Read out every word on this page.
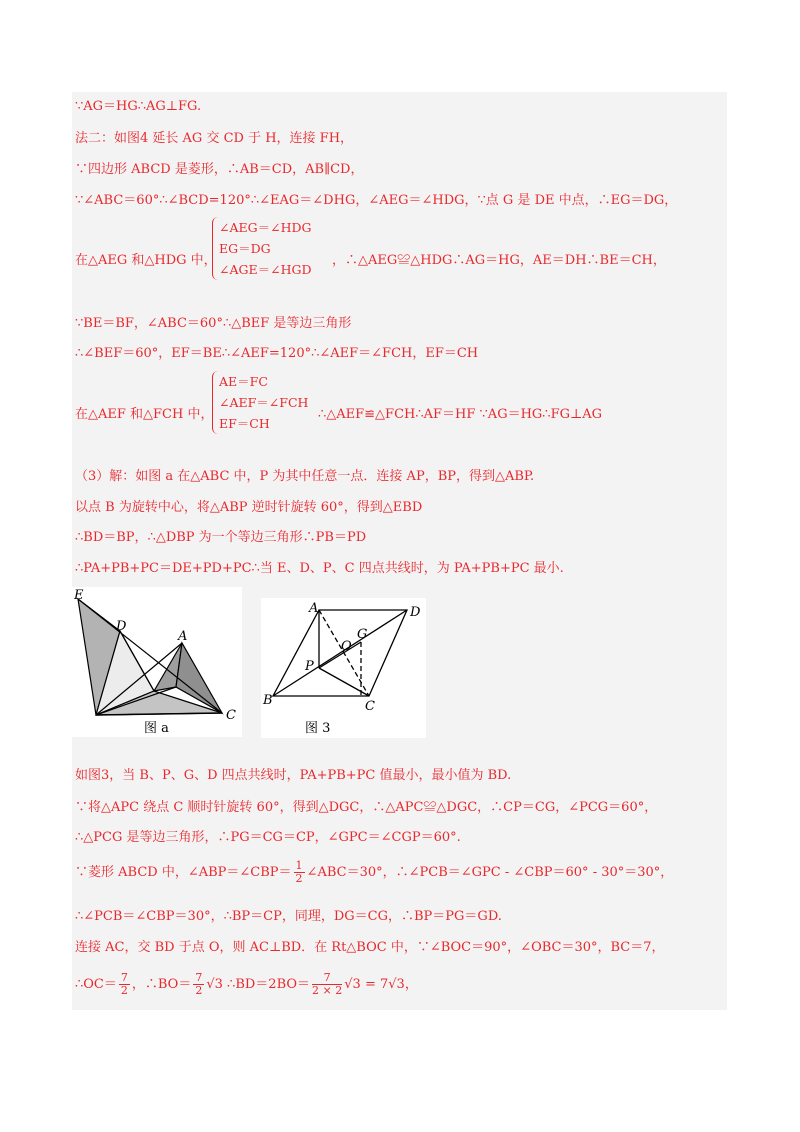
∵AG＝HG∴AG⊥FG.
法二：如图4 延长 AG 交 CD 于 H，连接 FH，
∵四边形 ABCD 是菱形，∴AB＝CD，AB∥CD，
∵∠ABC＝60°∴∠BCD=120°∴∠EAG＝∠DHG，∠AEG＝∠HDG，∵点 G 是 DE 中点，∴EG＝DG，
在△AEG 和△HDG 中，
∠AEG＝∠HDG
EG＝DG
∠AGE＝∠HGD
，∴△AEG≌△HDG∴AG＝HG，AE＝DH∴BE＝CH，
∵BE＝BF，∠ABC＝60°∴△BEF 是等边三角形
∴∠BEF＝60°，EF＝BE∴∠AEF=120°∴∠AEF＝∠FCH，EF＝CH
在△AEF 和△FCH 中，
AE＝FC
∠AEF＝∠FCH
EF＝CH
∴△AEF≌△FCH∴AF＝HF ∵AG＝HG∴FG⊥AG
（3）解：如图 a 在△ABC 中，P 为其中任意一点．连接 AP，BP，得到△ABP.
以点 B 为旋转中心，将△ABP 逆时针旋转 60°，得到△EBD
∴BD＝BP，∴△DBP 为一个等边三角形∴PB＝PD
∴PA+PB+PC＝DE+PD+PC∴当 E、D、P、C 四点共线时，为 PA+PB+PC 最小.
E
D
A
C
图 a
A	D
O
G
P
B	C
图 3
如图3，当 B、P、G、D 四点共线时，PA+PB+PC 值最小，最小值为 BD.
∵将△APC 绕点 C 顺时针旋转 60°，得到△DGC，∴△APC≌△DGC，∴CP＝CG，∠PCG＝60°，
∴△PCG 是等边三角形，∴PG＝CG＝CP，∠GPC＝∠CGP＝60°.
∵菱形 ABCD 中，∠ABP＝∠CBP＝ $\frac{1}{2}$ ∠ABC＝30°，∴∠PCB＝∠GPC - ∠CBP＝60° - 30°＝30°，
∴∠PCB＝∠CBP＝30°，∴BP＝CP，同理，DG＝CG，∴BP＝PG＝GD.
连接 AC，交 BD 于点 O，则 AC⊥BD．在 Rt△BOC 中，∵∠BOC＝90°，∠OBC＝30°，BC＝7，
∴OC＝ $\frac{7}{2}$ ，∴BO＝ $\frac{7}{2} √3$ ∴BD＝2BO＝ $\frac{7}{2 \times 2} √3 = 7√3$，
